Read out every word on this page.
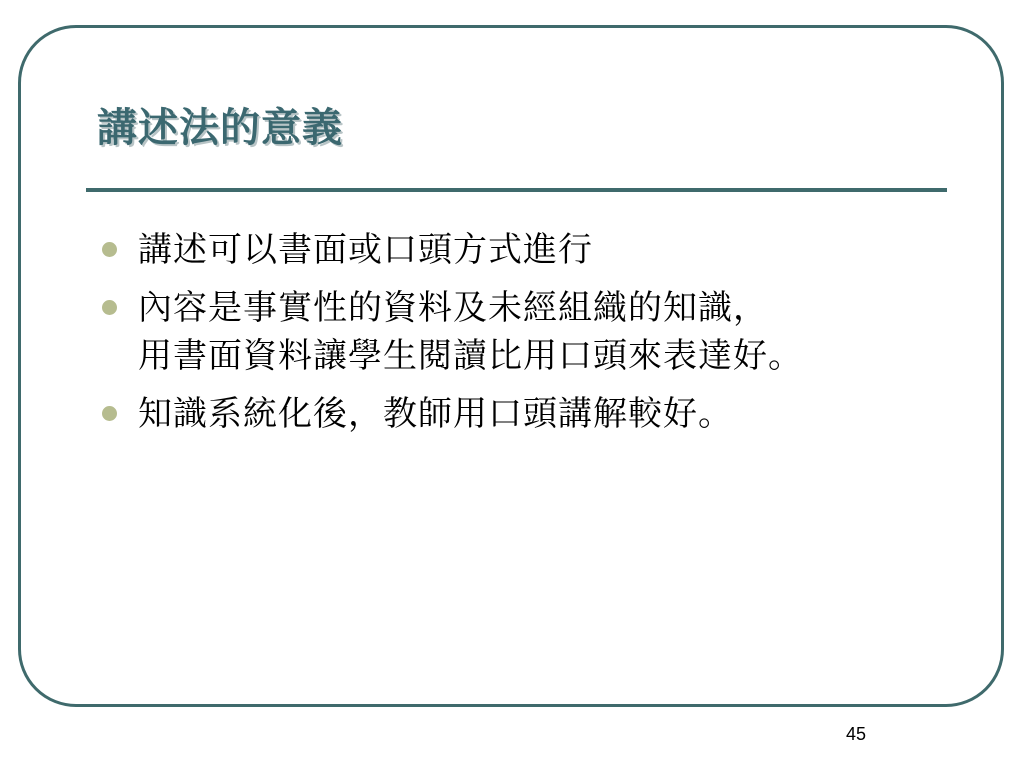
講述法的意義
講述可以書面或口頭方式進行
內容是事實性的資料及未經組織的知識，
用書面資料讓學生閱讀比用口頭來表達好。
知識系統化後，教師用口頭講解較好。
45
